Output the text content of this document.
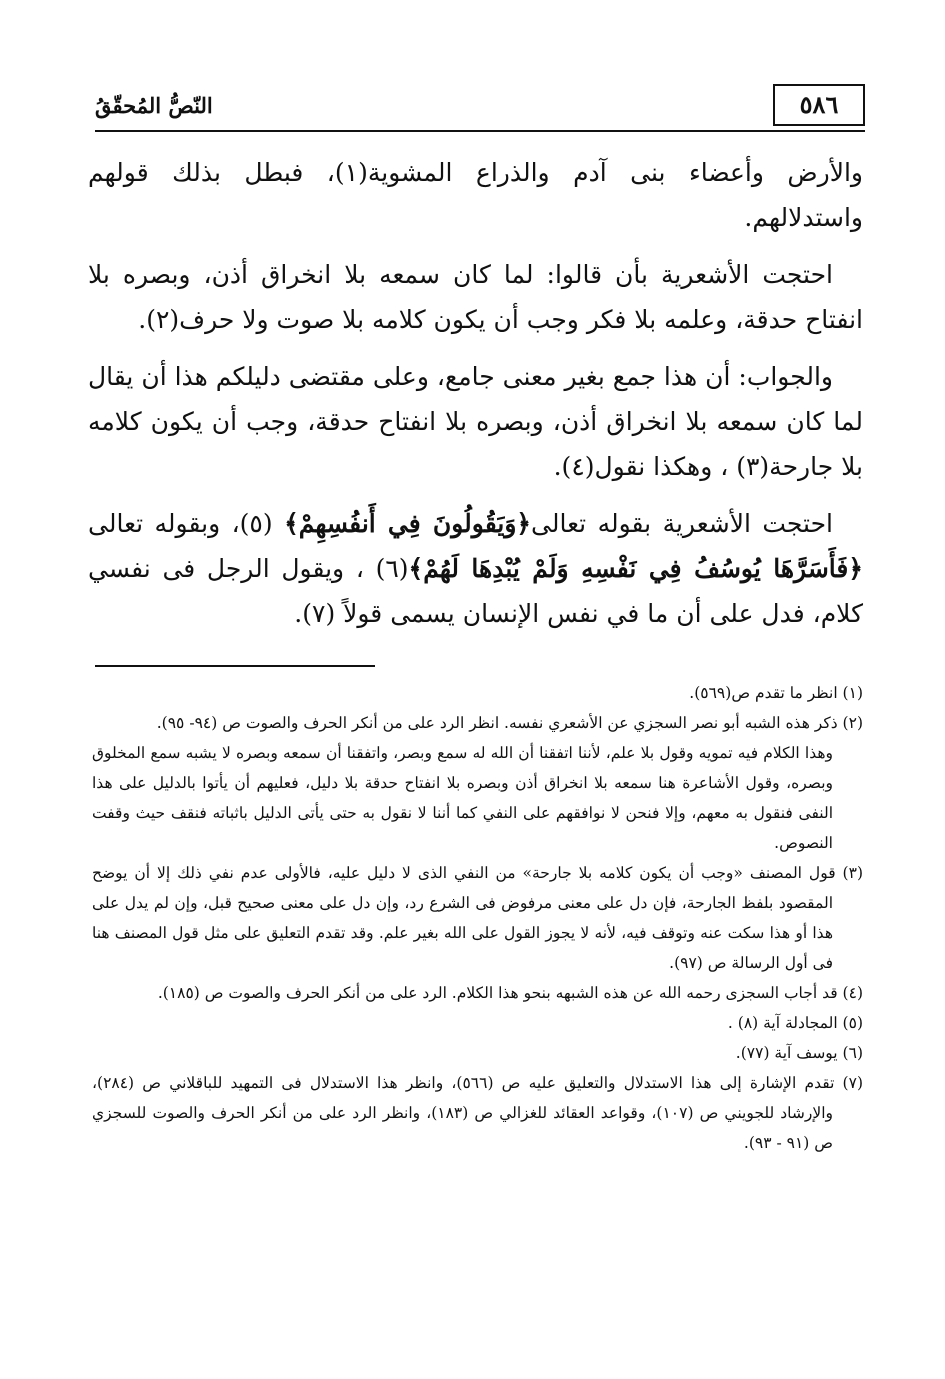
٥٨٦
النّصُّ المُحقّقُ

والأرض وأعضاء بنى آدم والذراع المشوية(١)، فبطل بذلك قولهم واستدلالهم.

احتجت الأشعرية بأن قالوا: لما كان سمعه بلا انخراق أذن، وبصره بلا انفتاح حدقة، وعلمه بلا فكر وجب أن يكون كلامه بلا صوت ولا حرف(٢).

والجواب: أن هذا جمع بغير معنى جامع، وعلى مقتضى دليلكم هذا أن يقال لما كان سمعه بلا انخراق أذن، وبصره بلا انفتاح حدقة، وجب أن يكون كلامه بلا جارحة(٣) ، وهكذا نقول(٤).

احتجت الأشعرية بقوله تعالى﴿وَيَقُولُونَ فِي أَنفُسِهِمْ﴾ (٥)، وبقوله تعالى ﴿فَأَسَرَّهَا يُوسُفُ فِي نَفْسِهِ وَلَمْ يُبْدِهَا لَهُمْ﴾(٦) ، ويقول الرجل فى نفسي كلام، فدل على أن ما في نفس الإنسان يسمى قولاً (٧).

(١) انظر ما تقدم ص(٥٦٩).

(٢) ذكر هذه الشبه أبو نصر السجزي عن الأشعري نفسه. انظر الرد على من أنكر الحرف والصوت ص (٩٤- ٩٥).

وهذا الكلام فيه تمويه وقول بلا علم، لأننا اتفقنا أن الله له سمع وبصر، واتفقنا أن سمعه وبصره لا يشبه سمع المخلوق وبصره، وقول الأشاعرة هنا سمعه بلا انخراق أذن وبصره بلا انفتاح حدقة بلا دليل، فعليهم أن يأتوا بالدليل على هذا النفى فنقول به معهم، وإلا فنحن لا نوافقهم على النفي كما أننا لا نقول به حتى يأتى الدليل باثباته فنقف حيث وقفت النصوص.

(٣) قول المصنف «وجب أن يكون كلامه بلا جارحة» من النفي الذى لا دليل عليه، فالأولى عدم نفي ذلك إلا أن يوضح المقصود بلفظ الجارحة، فإن دل على معنى مرفوض فى الشرع رد، وإن دل على معنى صحيح قبل، وإن لم يدل على هذا أو هذا سكت عنه وتوقف فيه، لأنه لا يجوز القول على الله بغير علم. وقد تقدم التعليق على مثل قول المصنف هنا فى أول الرسالة ص (٩٧).

(٤) قد أجاب السجزى رحمه الله عن هذه الشبهه بنحو هذا الكلام. الرد على من أنكر الحرف والصوت ص (١٨٥).

(٥) المجادلة آية (٨) .

(٦) يوسف آية (٧٧).

(٧) تقدم الإشارة إلى هذا الاستدلال والتعليق عليه ص (٥٦٦)، وانظر هذا الاستدلال فى التمهيد للباقلاني ص (٢٨٤)، والإرشاد للجويني ص (١٠٧)، وقواعد العقائد للغزالي ص (١٨٣)، وانظر الرد على من أنكر الحرف والصوت للسجزي ص (٩١ - ٩٣).
